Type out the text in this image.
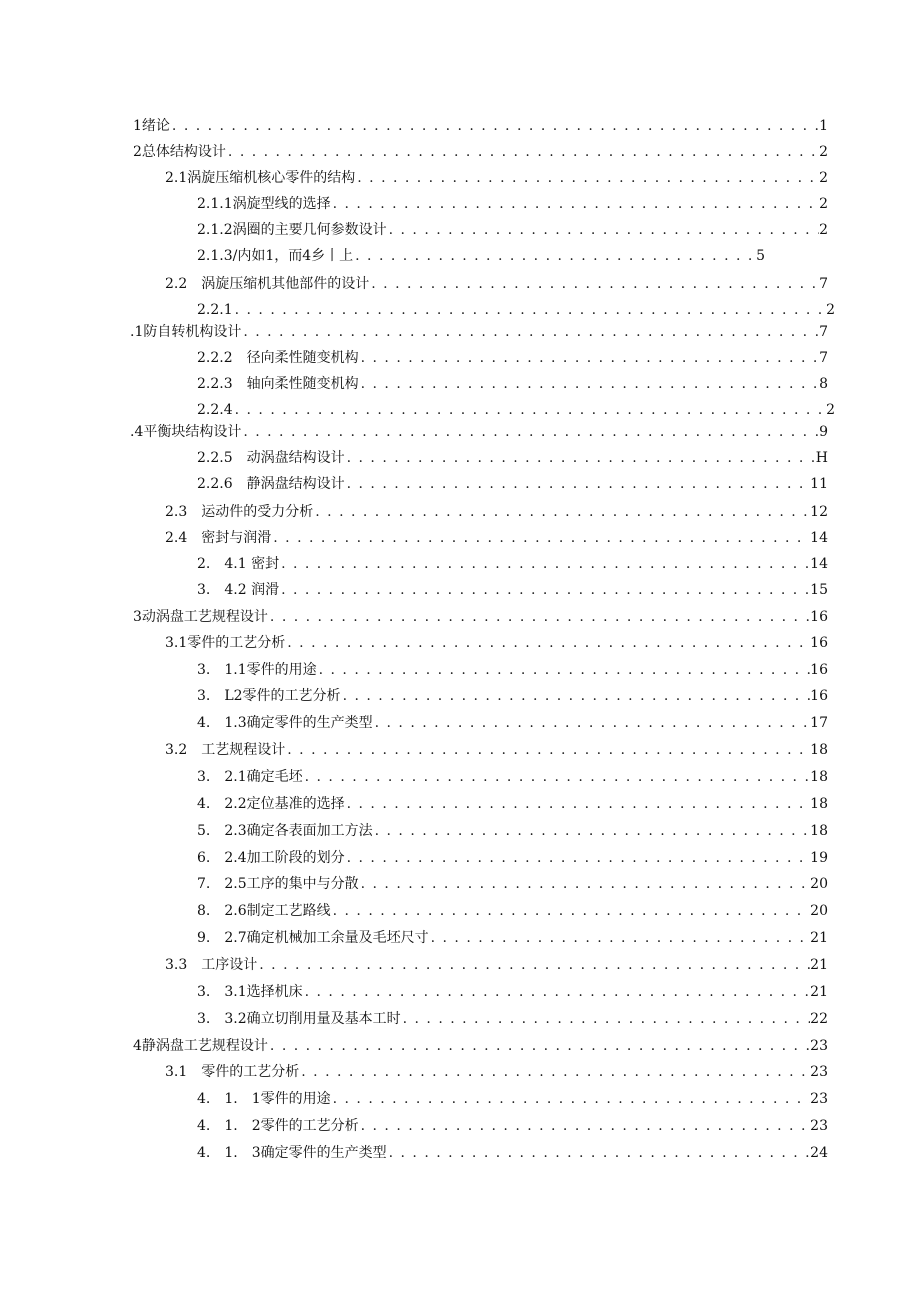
1绪论 . . .	1
2总体结构设计 . . .	2
2.1涡旋压缩机核心零件的结构 . . .	2
2.1.1涡旋型线的选择 . . .	2
2.1.2涡圈的主要几何参数设计 . . .	2
2.1.3/内如1，而4乡⼁上 . . .	5
2.2　涡旋压缩机其他部件的设计 . . .	7
2.2.1 . . .	2
.1防自转机构设计 . . .	7
2.2.2　径向柔性随变机构 . . .	7
2.2.3　轴向柔性随变机构 . . .	8
2.2.4 . . .	2
.4平衡块结构设计 . . .	9
2.2.5　动涡盘结构设计 . . .	H
2.2.6　静涡盘结构设计 . . .	11
2.3　运动件的受力分析 . . .	12
2.4　密封与润滑 . . .	14
2.　4.1 密封 . . .	14
3.　4.2 润滑 . . .	15
3动涡盘工艺规程设计 . . .	16
3.1零件的工艺分析 . . .	16
3.　1.1零件的用途 . . .	16
3.　L2零件的工艺分析 . . .	16
4.　1.3确定零件的生产类型 . . .	17
3.2　工艺规程设计 . . .	18
3.　2.1确定毛坯 . . .	18
4.　2.2定位基准的选择 . . .	18
5.　2.3确定各表面加工方法 . . .	18
6.　2.4加工阶段的划分 . . .	19
7.　2.5工序的集中与分散 . . .	20
8.　2.6制定工艺路线 . . .	20
9.　2.7确定机械加工余量及毛坯尺寸 . . .	21
3.3　工序设计 . . .	21
3.　3.1选择机床 . . .	21
3.　3.2确立切削用量及基本工时 . . .	22
4静涡盘工艺规程设计 . . .	23
3.1　零件的工艺分析 . . .	23
4.　1.　1零件的用途 . . .	23
4.　1.　2零件的工艺分析 . . .	23
4.　1.　3确定零件的生产类型 . . .	24
